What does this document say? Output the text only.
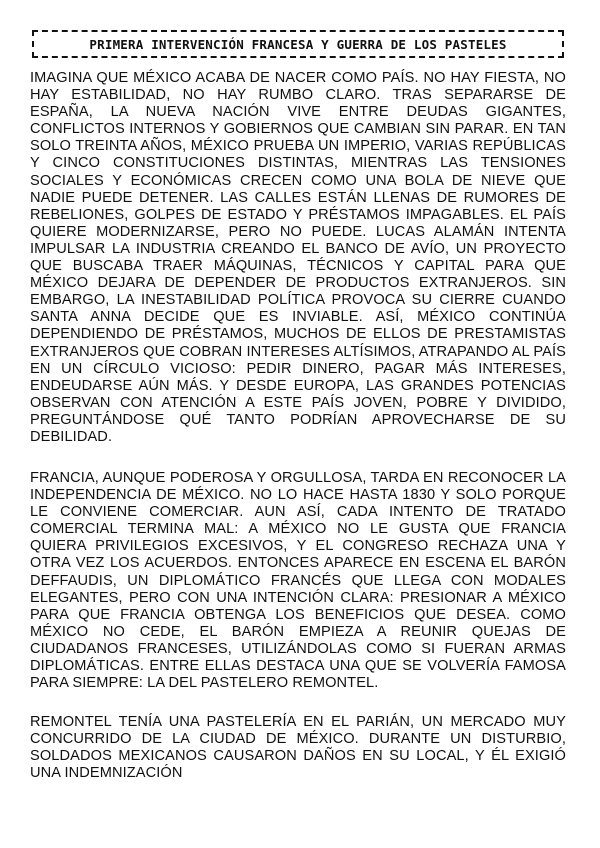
PRIMERA INTERVENCIÓN FRANCESA Y GUERRA DE LOS PASTELES

IMAGINA QUE MÉXICO ACABA DE NACER COMO PAÍS. NO HAY FIESTA, NO HAY ESTABILIDAD, NO HAY RUMBO CLARO. TRAS SEPARARSE DE ESPAÑA, LA NUEVA NACIÓN VIVE ENTRE DEUDAS GIGANTES, CONFLICTOS INTERNOS Y GOBIERNOS QUE CAMBIAN SIN PARAR. EN TAN SOLO TREINTA AÑOS, MÉXICO PRUEBA UN IMPERIO, VARIAS REPÚBLICAS Y CINCO CONSTITUCIONES DISTINTAS, MIENTRAS LAS TENSIONES SOCIALES Y ECONÓMICAS CRECEN COMO UNA BOLA DE NIEVE QUE NADIE PUEDE DETENER. LAS CALLES ESTÁN LLENAS DE RUMORES DE REBELIONES, GOLPES DE ESTADO Y PRÉSTAMOS IMPAGABLES. EL PAÍS QUIERE MODERNIZARSE, PERO NO PUEDE. LUCAS ALAMÁN INTENTA IMPULSAR LA INDUSTRIA CREANDO EL BANCO DE AVÍO, UN PROYECTO QUE BUSCABA TRAER MÁQUINAS, TÉCNICOS Y CAPITAL PARA QUE MÉXICO DEJARA DE DEPENDER DE PRODUCTOS EXTRANJEROS. SIN EMBARGO, LA INESTABILIDAD POLÍTICA PROVOCA SU CIERRE CUANDO SANTA ANNA DECIDE QUE ES INVIABLE. ASÍ, MÉXICO CONTINÚA DEPENDIENDO DE PRÉSTAMOS, MUCHOS DE ELLOS DE PRESTAMISTAS EXTRANJEROS QUE COBRAN INTERESES ALTÍSIMOS, ATRAPANDO AL PAÍS EN UN CÍRCULO VICIOSO: PEDIR DINERO, PAGAR MÁS INTERESES, ENDEUDARSE AÚN MÁS. Y DESDE EUROPA, LAS GRANDES POTENCIAS OBSERVAN CON ATENCIÓN A ESTE PAÍS JOVEN, POBRE Y DIVIDIDO, PREGUNTÁNDOSE QUÉ TANTO PODRÍAN APROVECHARSE DE SU DEBILIDAD.

FRANCIA, AUNQUE PODEROSA Y ORGULLOSA, TARDA EN RECONOCER LA INDEPENDENCIA DE MÉXICO. NO LO HACE HASTA 1830 Y SOLO PORQUE LE CONVIENE COMERCIAR. AUN ASÍ, CADA INTENTO DE TRATADO COMERCIAL TERMINA MAL: A MÉXICO NO LE GUSTA QUE FRANCIA QUIERA PRIVILEGIOS EXCESIVOS, Y EL CONGRESO RECHAZA UNA Y OTRA VEZ LOS ACUERDOS. ENTONCES APARECE EN ESCENA EL BARÓN DEFFAUDIS, UN DIPLOMÁTICO FRANCÉS QUE LLEGA CON MODALES ELEGANTES, PERO CON UNA INTENCIÓN CLARA: PRESIONAR A MÉXICO PARA QUE FRANCIA OBTENGA LOS BENEFICIOS QUE DESEA. COMO MÉXICO NO CEDE, EL BARÓN EMPIEZA A REUNIR QUEJAS DE CIUDADANOS FRANCESES, UTILIZÁNDOLAS COMO SI FUERAN ARMAS DIPLOMÁTICAS. ENTRE ELLAS DESTACA UNA QUE SE VOLVERÍA FAMOSA PARA SIEMPRE: LA DEL PASTELERO REMONTEL.

REMONTEL TENÍA UNA PASTELERÍA EN EL PARIÁN, UN MERCADO MUY CONCURRIDO DE LA CIUDAD DE MÉXICO. DURANTE UN DISTURBIO, SOLDADOS MEXICANOS CAUSARON DAÑOS EN SU LOCAL, Y ÉL EXIGIÓ UNA INDEMNIZACIÓN
